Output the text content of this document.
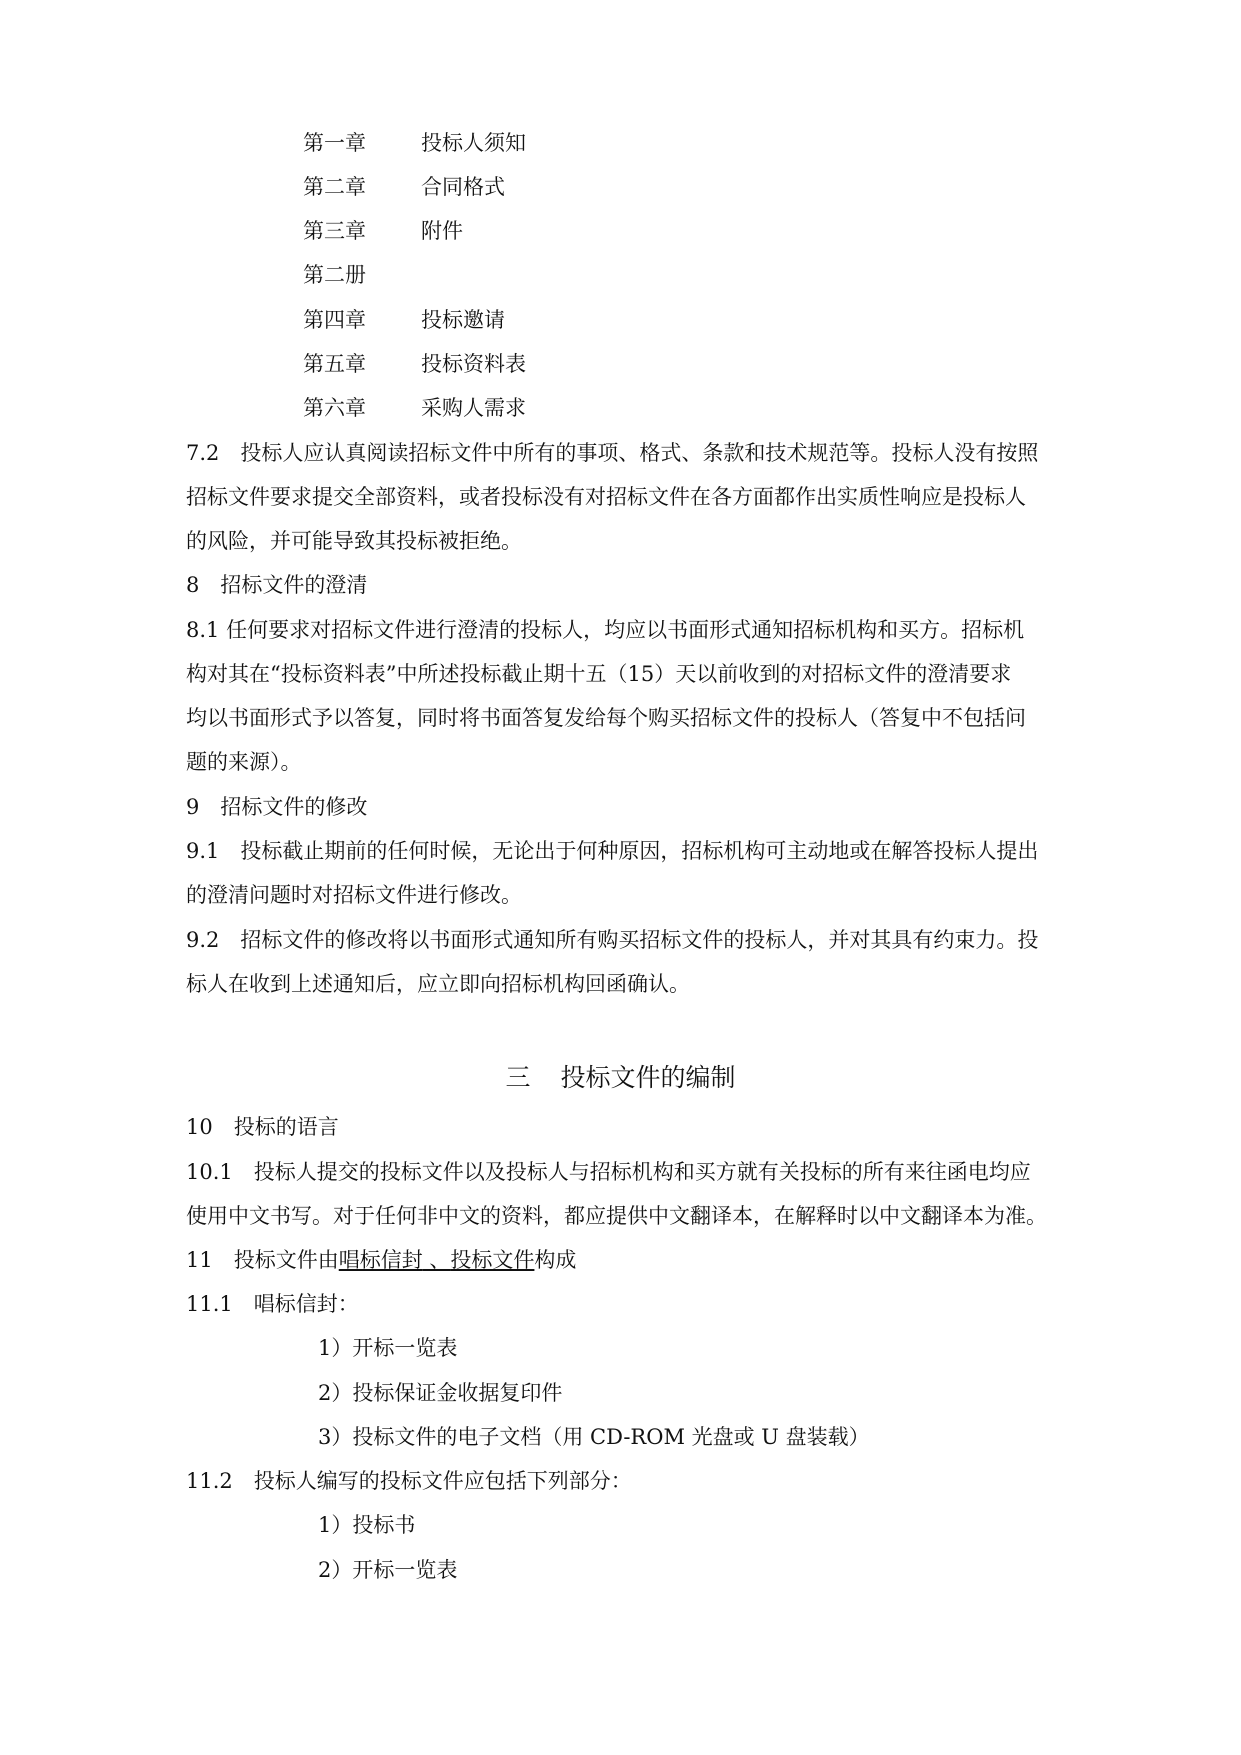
第一章	投标人须知
第二章	合同格式
第三章	附件
第二册
第四章	投标邀请
第五章	投标资料表
第六章	采购人需求
7.2　投标人应认真阅读招标文件中所有的事项、格式、条款和技术规范等。投标人没有按照
招标文件要求提交全部资料，或者投标没有对招标文件在各方面都作出实质性响应是投标人
的风险，并可能导致其投标被拒绝。
8　招标文件的澄清
8.1 任何要求对招标文件进行澄清的投标人，均应以书面形式通知招标机构和买方。招标机
构对其在“投标资料表”中所述投标截止期十五（15）天以前收到的对招标文件的澄清要求
均以书面形式予以答复，同时将书面答复发给每个购买招标文件的投标人（答复中不包括问
题的来源）。
9　招标文件的修改
9.1　投标截止期前的任何时候，无论出于何种原因，招标机构可主动地或在解答投标人提出
的澄清问题时对招标文件进行修改。
9.2　招标文件的修改将以书面形式通知所有购买招标文件的投标人，并对其具有约束力。投
标人在收到上述通知后，应立即向招标机构回函确认。
三 投标文件的编制
10　投标的语言
10.1　投标人提交的投标文件以及投标人与招标机构和买方就有关投标的所有来往函电均应
使用中文书写。对于任何非中文的资料，都应提供中文翻译本，在解释时以中文翻译本为准。
11　投标文件由唱标信封 、投标文件构成
11.1　唱标信封：
1）开标一览表
2）投标保证金收据复印件
3）投标文件的电子文档（用 CD-ROM 光盘或 U 盘装载）
11.2　投标人编写的投标文件应包括下列部分：
1）投标书
2）开标一览表
